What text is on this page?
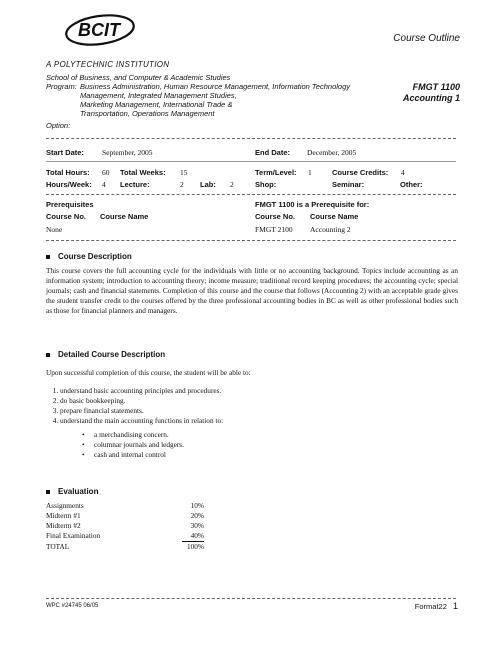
BCIT	Course Outline
A POLYTECHNIC INSTITUTION
School of Business, and Computer & Academic Studies
Program: Business Administration, Human Resource Management, Information Technology
Management, Integrated Management Studies,
Marketing Management, International Trade &
Transportation, Operations Management
FMGT 1100
Accounting 1
Option:
Start Date: September, 2005	End Date: December, 2005
Total Hours: 60 Total Weeks: 15	Term/Level: 1	Course Credits: 4
Hours/Week: 4 Lecture:	2 Lab: 2	Shop:	Seminar:	Other:
Prerequisites
Course No. Course Name
None
FMGT 1100 is a Prerequisite for:
Course No. Course Name
FMGT 2100 Accounting 2
Course Description
This course covers the full accounting cycle for the individuals with little or no accounting background. Topics include accounting as an information system; introduction to accounting theory; income measure; traditional record keeping procedures; the accounting cycle; special journals; cash and financial statements. Completion of this course and the course that follows (Accounting 2) with an acceptable grade gives the student transfer credit to the courses offered by the three professional accounting bodies in BC as well as other professional bodies such as those for financial planners and managers.
Detailed Course Description
Upon successful completion of this course, the student will be able to:
1. understand basic accounting principles and procedures.
2. do basic bookkeeping.
3. prepare financial statements.
4. understand the main accounting functions in relation to:
• a merchandising concern.
• columnar journals and ledgers.
• cash and internal control
Evaluation
Assignments	10%
Midterm #1	20%
Midterm #2	30%
Final Examination	40%
TOTAL	100%
WPC #24745 06/05	Format22 1
